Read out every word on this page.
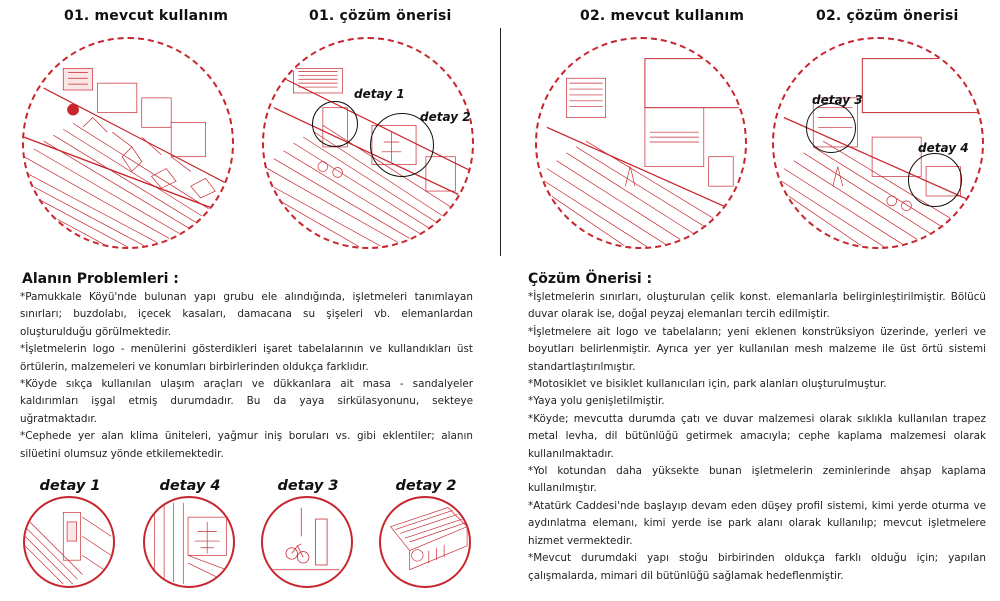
01. mevcut kullanım	01. çözüm önerisi	02. mevcut kullanım	02. çözüm önerisi
detay 1
detay 2
detay 3
detay 4
Alanın Problemleri :

*Pamukkale Köyü'nde bulunan yapı grubu ele alındığında, işletmeleri tanımlayan sınırları; buzdolabı, içecek kasaları, damacana su şişeleri vb. elemanlardan oluşturulduğu görülmektedir.

*İşletmelerin logo - menülerini gösterdikleri işaret tabelalarının ve kullandıkları üst örtülerin, malzemeleri ve konumları birbirlerinden oldukça farklıdır.

*Köyde sıkça kullanılan ulaşım araçları ve dükkanlara ait masa - sandalyeler kaldırımları işgal etmiş durumdadır. Bu da yaya sirkülasyonunu, sekteye uğratmaktadır.

*Cephede yer alan klima üniteleri, yağmur iniş boruları vs. gibi eklentiler; alanın silüetini olumsuz yönde etkilemektedir.

Çözüm Önerisi :

*İşletmelerin sınırları, oluşturulan çelik konst. elemanlarla belirginleştirilmiştir. Bölücü duvar olarak ise, doğal peyzaj elemanları tercih edilmiştir.

*İşletmelere ait logo ve tabelaların; yeni eklenen konstrüksiyon üzerinde, yerleri ve boyutları belirlenmiştir. Ayrıca yer yer kullanılan mesh malzeme ile üst örtü sistemi standartlaştırılmıştır.

*Motosiklet ve bisiklet kullanıcıları için, park alanları oluşturulmuştur.

*Yaya yolu genişletilmiştir.

*Köyde; mevcutta durumda çatı ve duvar malzemesi olarak sıklıkla kullanılan trapez metal levha, dil bütünlüğü getirmek amacıyla; cephe kaplama malzemesi olarak kullanılmaktadır.

*Yol kotundan daha yüksekte bunan işletmelerin zeminlerinde ahşap kaplama kullanılmıştır.

*Atatürk Caddesi'nde başlayıp devam eden düşey profil sistemi, kimi yerde oturma ve aydınlatma elemanı, kimi yerde ise park alanı olarak kullanılıp; mevcut işletmelere hizmet vermektedir.

*Mevcut durumdaki yapı stoğu birbirinden oldukça farklı olduğu için; yapılan çalışmalarda, mimari dil bütünlüğü sağlamak hedeflenmiştir.

detay 1	detay 4	detay 3	detay 2
